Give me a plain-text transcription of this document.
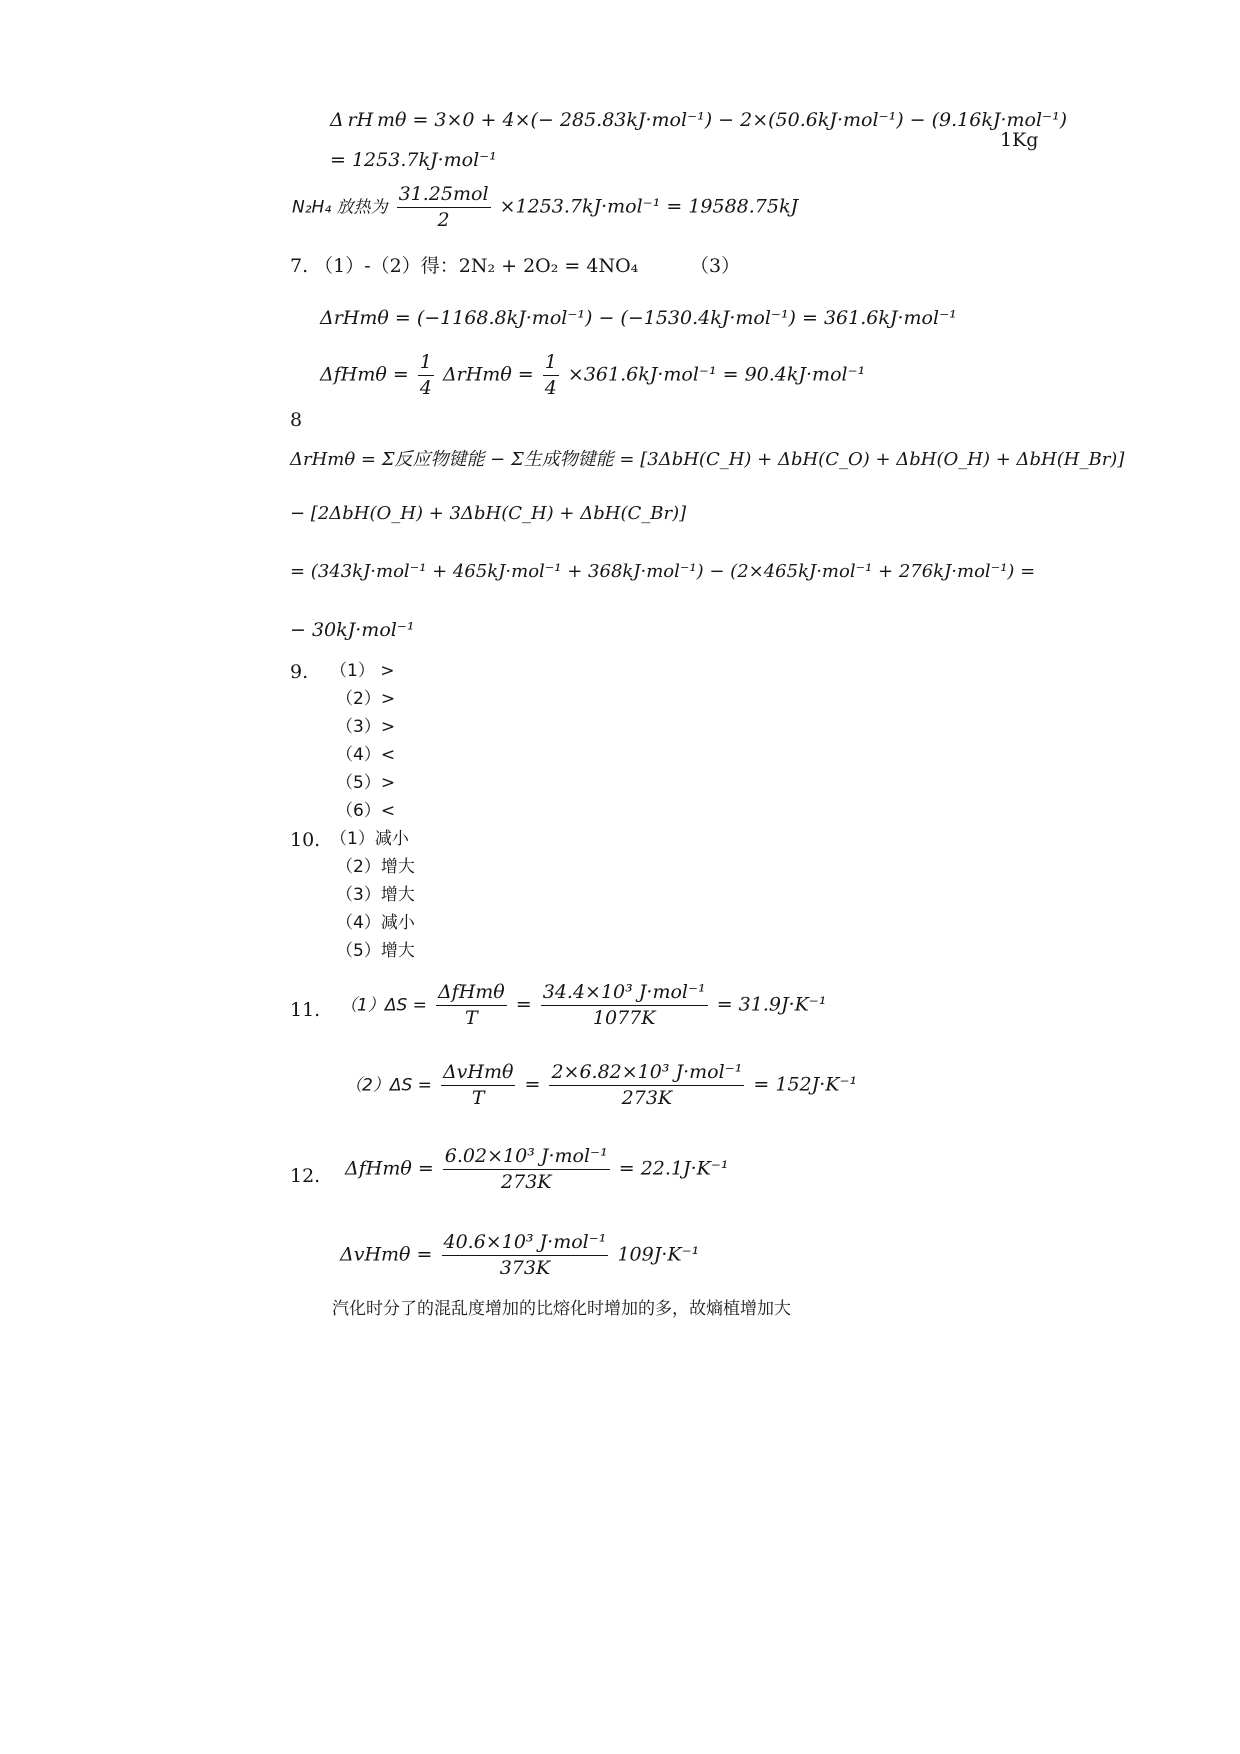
Δ rH mθ = 3×0 + 4×(− 285.83kJ·mol⁻¹) − 2×(50.6kJ·mol⁻¹) − (9.16kJ·mol⁻¹)
1Kg
= 1253.7kJ·mol⁻¹
N₂H₄ 放热为 $\frac{\text{31.25mol}}{2} \times 1253.7kJ\cdot mol^{-1} = 19588.75kJ$
7. （1）-（2）得：2N₂ + 2O₂ = 4NO₄	（3）
ΔrHmθ = (−1168.8kJ·mol⁻¹) − (−1530.4kJ·mol⁻¹) = 361.6kJ·mol⁻¹
$\Delta fHm\theta = \frac{1}{4}$ $\Delta rHm\theta = \frac{1}{4} \times 361.6kJ\cdot mol^{-1} = 90.4kJ\cdot mol^{-1}$
8
ΔrHmθ = Σ反应物键能 − Σ生成物键能 = [3ΔbH(C_H) + ΔbH(C_O) + ΔbH(O_H) + ΔbH(H_Br)]
− [2ΔbH(O_H) + 3ΔbH(C_H) + ΔbH(C_Br)]
= (343kJ·mol⁻¹ + 465kJ·mol⁻¹ + 368kJ·mol⁻¹) − (2×465kJ·mol⁻¹ + 276kJ·mol⁻¹) =
− 30kJ·mol⁻¹
9. （1） >
（2）>
（3）>
（4）<
（5）>
（6）<
10. （1）减小
（2）增大
（3）增大
（4）减小
（5）增大
11. $(1)\Delta S = \frac{\text{ΔfHmθ}}{T} = \frac{\text{34.4×10³ J·mol⁻¹}}{1077K} = 31.9J\cdot K^{-1}$
$(2)\Delta S = \frac{\text{ΔvHmθ}}{T} = \frac{\text{2×6.82×10³ J·mol⁻¹}}{273K} = 152J\cdot K^{-1}$
12. $\Delta fHm\theta = \frac{\text{6.02×10³ J·mol⁻¹}}{273K} = 22.1J\cdot K^{-1}$
$\Delta vHm\theta = \frac{\text{40.6×10³ J·mol⁻¹}}{373K} 109J\cdot K^{-1}$
汽化时分了的混乱度增加的比熔化时增加的多，故熵植增加大
